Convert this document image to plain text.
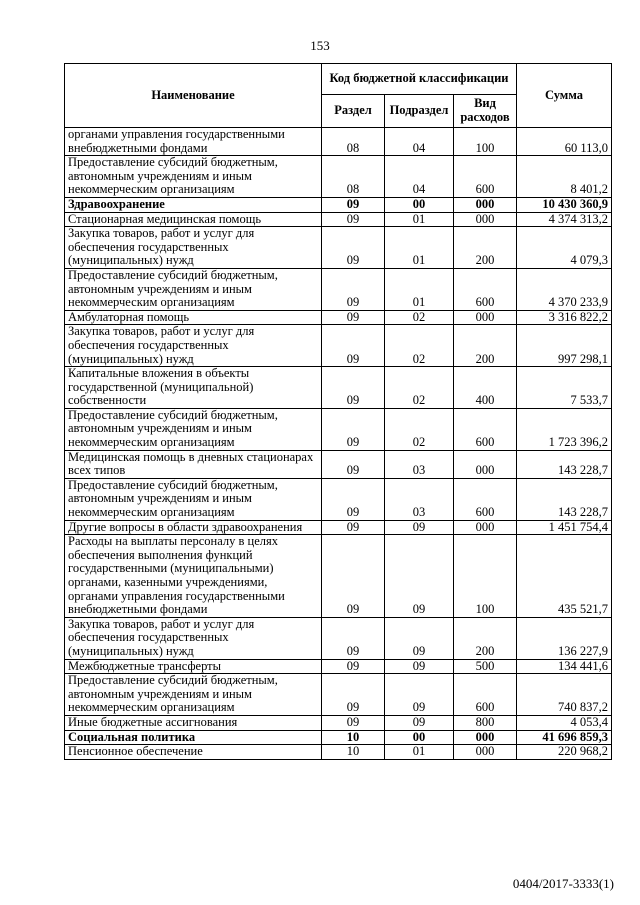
153
Наименование	Код бюджетной классификации			Сумма
	Раздел	Подраздел	Вид расходов	
органами управления государственными внебюджетными фондами	08	04	100	60 113,0
Предоставление субсидий бюджетным, автономным учреждениям и иным некоммерческим организациям	08	04	600	8 401,2
Здравоохранение	09	00	000	10 430 360,9
Стационарная медицинская помощь	09	01	000	4 374 313,2
Закупка товаров, работ и услуг для обеспечения государственных (муниципальных) нужд	09	01	200	4 079,3
Предоставление субсидий бюджетным, автономным учреждениям и иным некоммерческим организациям	09	01	600	4 370 233,9
Амбулаторная помощь	09	02	000	3 316 822,2
Закупка товаров, работ и услуг для обеспечения государственных (муниципальных) нужд	09	02	200	997 298,1
Капитальные вложения в объекты государственной (муниципальной) собственности	09	02	400	7 533,7
Предоставление субсидий бюджетным, автономным учреждениям и иным некоммерческим организациям	09	02	600	1 723 396,2
Медицинская помощь в дневных стационарах всех типов	09	03	000	143 228,7
Предоставление субсидий бюджетным, автономным учреждениям и иным некоммерческим организациям	09	03	600	143 228,7
Другие вопросы в области здравоохранения	09	09	000	1 451 754,4
Расходы на выплаты персоналу в целях обеспечения выполнения функций государственными (муниципальными) органами, казенными учреждениями, органами управления государственными внебюджетными фондами	09	09	100	435 521,7
Закупка товаров, работ и услуг для обеспечения государственных (муниципальных) нужд	09	09	200	136 227,9
Межбюджетные трансферты	09	09	500	134 441,6
Предоставление субсидий бюджетным, автономным учреждениям и иным некоммерческим организациям	09	09	600	740 837,2
Иные бюджетные ассигнования	09	09	800	4 053,4
Социальная политика	10	00	000	41 696 859,3
Пенсионное обеспечение	10	01	000	220 968,2
0404/2017-3333(1)
